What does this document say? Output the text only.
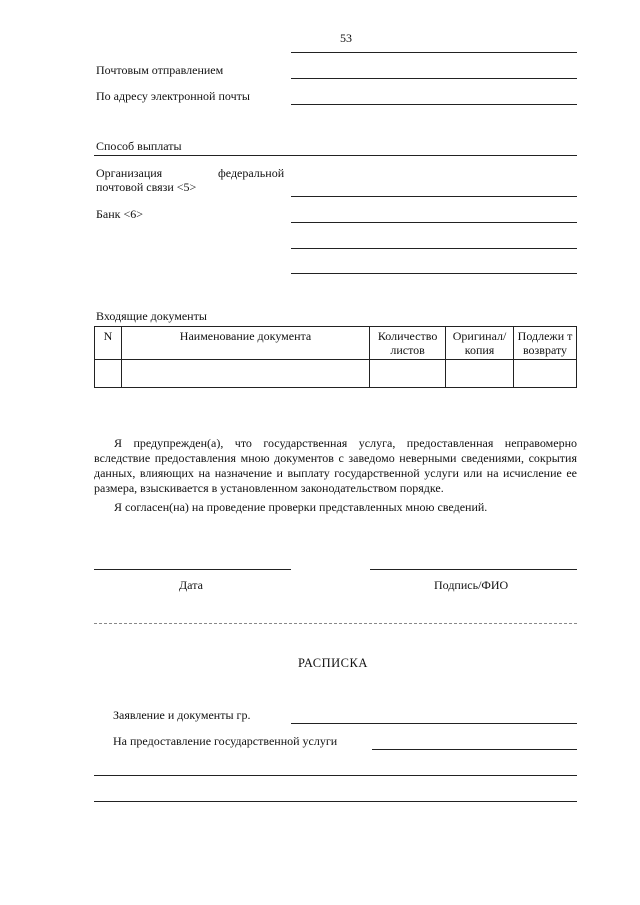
53
Почтовым отправлением
По адресу электронной почты
Способ выплаты
Организация	федеральной
почтовой связи <5>
Банк <6>
Входящие документы
N	Наименование документа	Количество листов	Оригинал/ копия	Подлежи т возврату

Я предупрежден(а), что государственная услуга, предоставленная неправомерно вследствие предоставления мною документов с заведомо неверными сведениями, сокрытия данных, влияющих на назначение и выплату государственной услуги или на исчисление ее размера, взыскивается в установленном законодательством порядке.
Я согласен(на) на проведение проверки представленных мною сведений.
Дата	Подпись/ФИО
РАСПИСКА
Заявление и документы гр.
На предоставление государственной услуги
